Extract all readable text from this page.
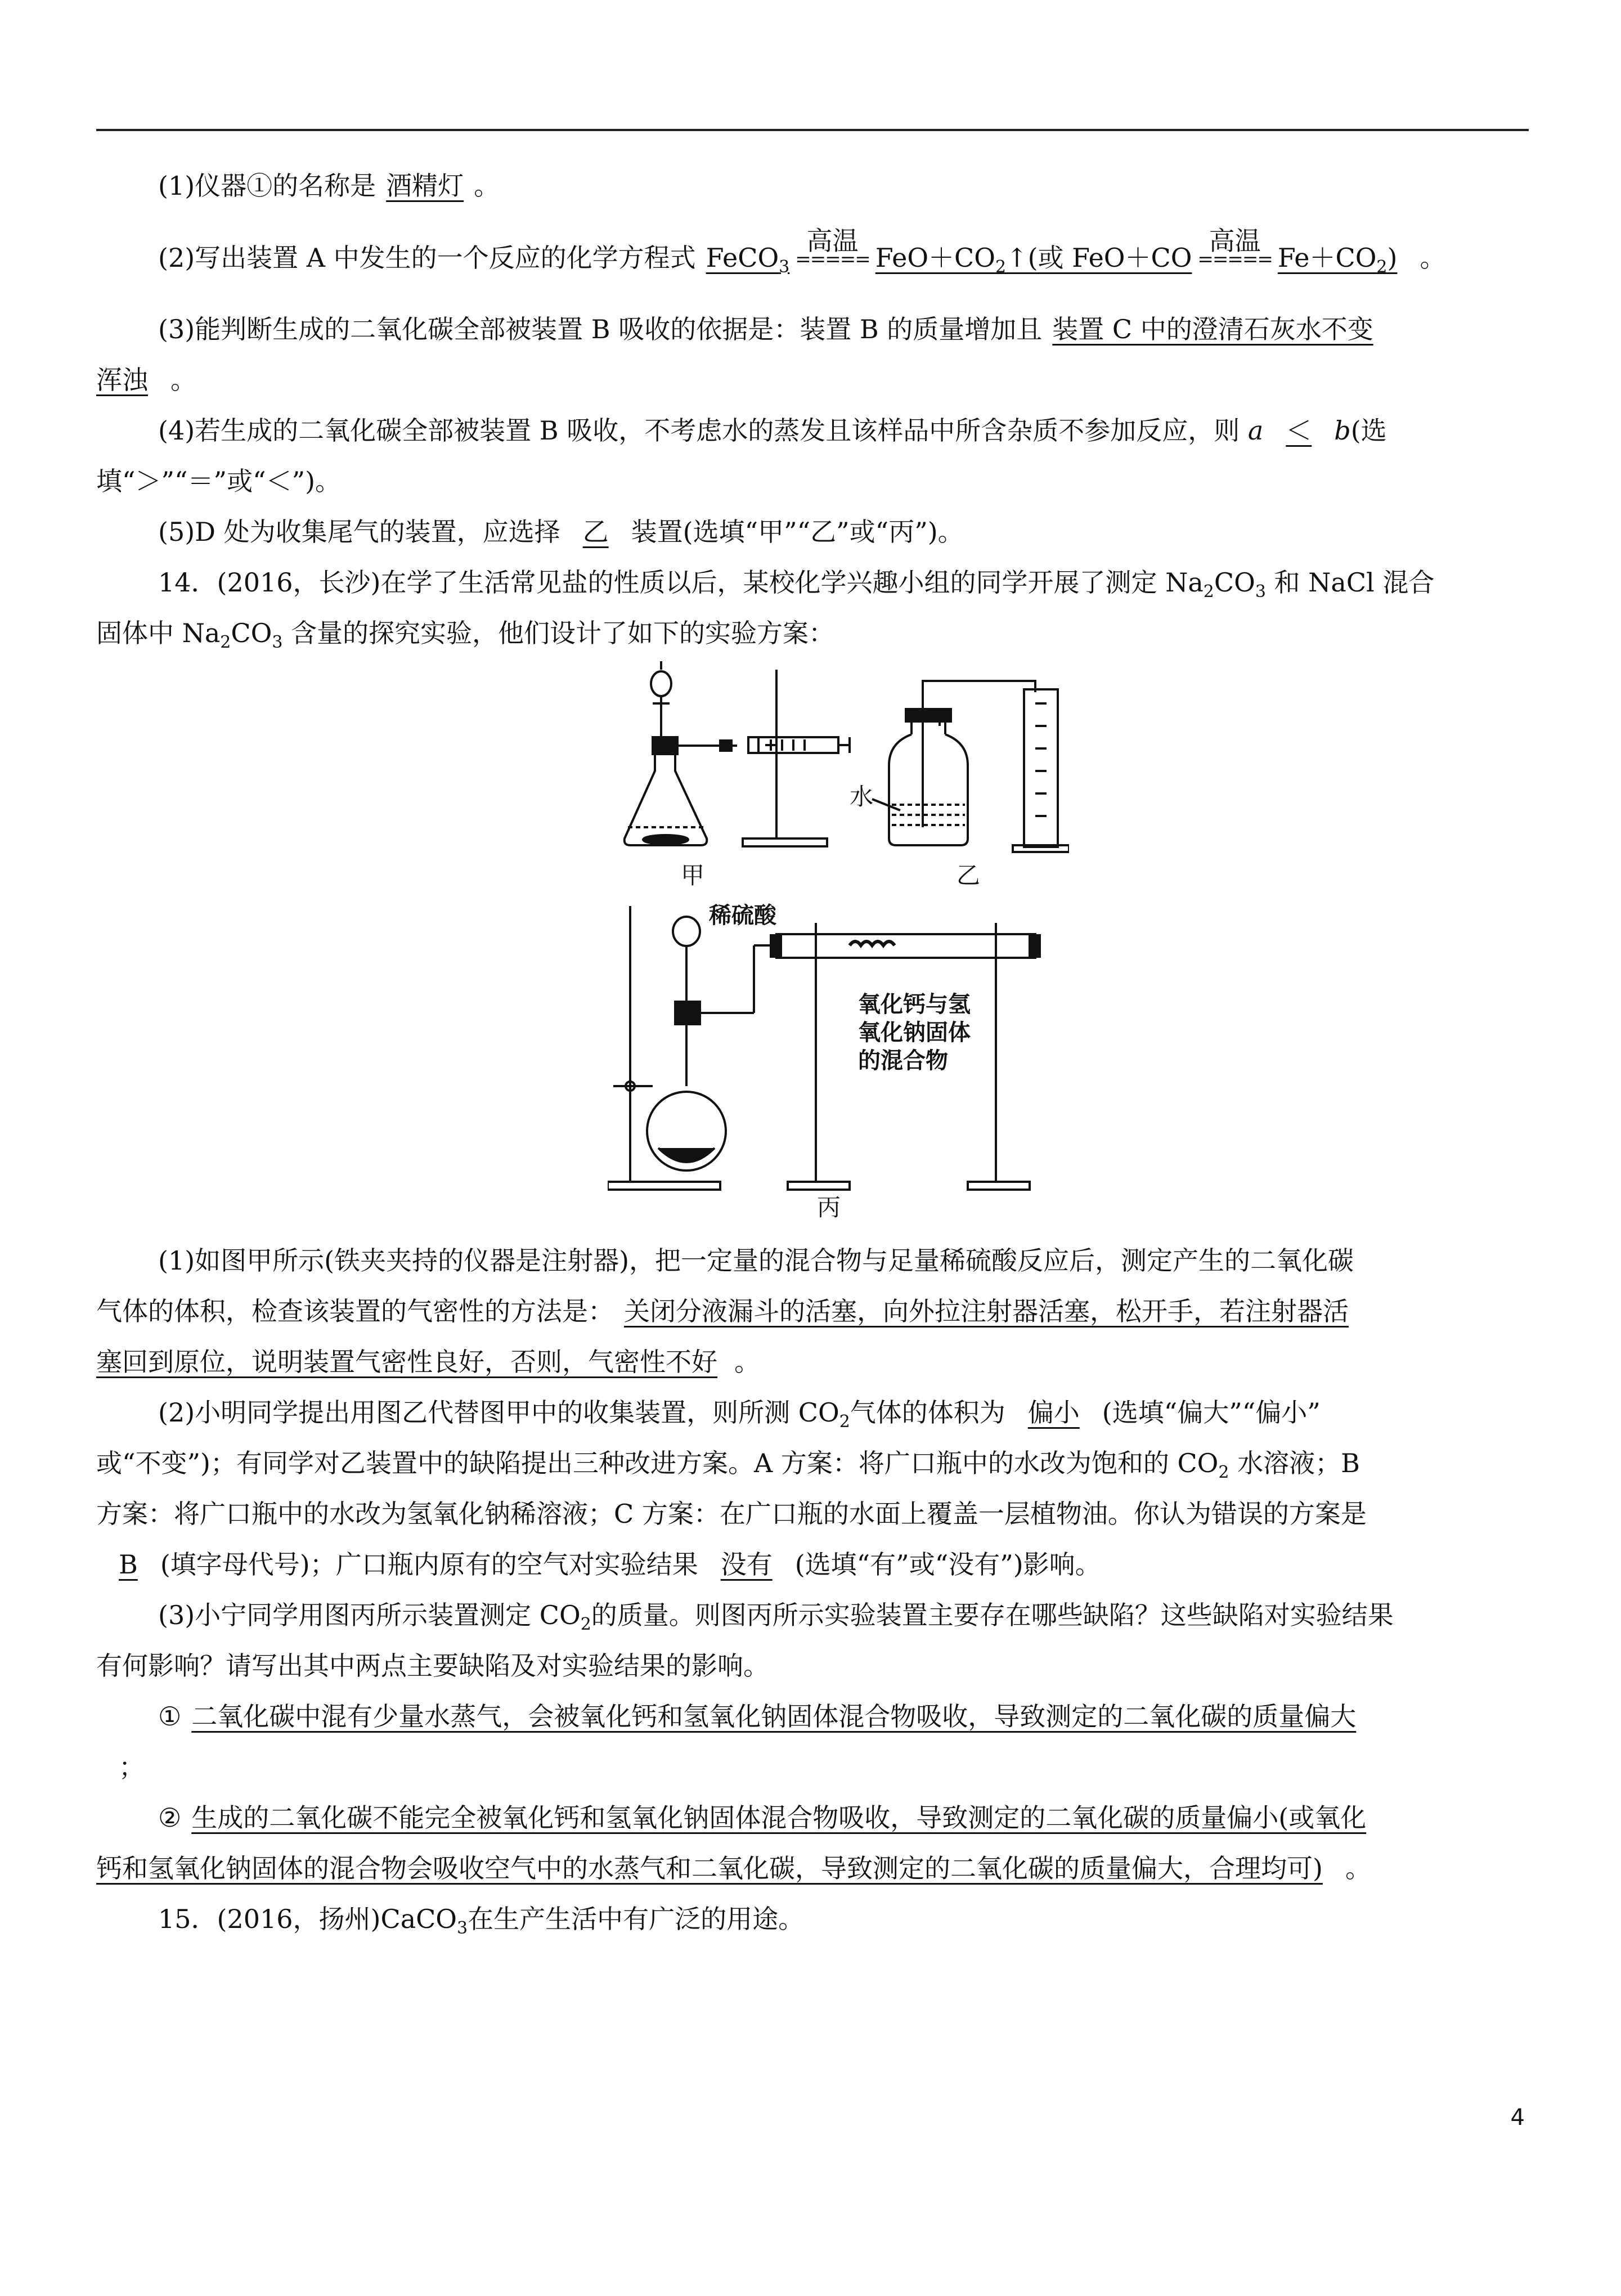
(1)仪器①的名称是 酒精灯 。
(2)写出装置 A 中发生的一个反应的化学方程式 FeCO$_3$
高温
===== $FeO+CO_2↑$(或 FeO＋CO
高温
===== $Fe+CO_2$) 。
(3)能判断生成的二氧化碳全部被装置 B 吸收的依据是：装置 B 的质量增加且 装置 C 中的澄清石灰水不变
浑浊 。
(4)若生成的二氧化碳全部被装置 B 吸收，不考虑水的蒸发且该样品中所含杂质不参加反应，则 a ＜ b(选
填“＞”“＝”或“＜”)。
(5)D 处为收集尾气的装置，应选择 乙 装置(选填“甲”“乙”或“丙”)。
14．(2016，长沙)在学了生活常见盐的性质以后，某校化学兴趣小组的同学开展了测定 $Na_2CO_3$ 和 NaCl 混合
固体中 $Na_2CO_3$ 含量的探究实验，他们设计了如下的实验方案：
甲	乙
水
稀硫酸
氧化钙与氢
氧化钠固体
的混合物
丙
(1)如图甲所示(铁夹夹持的仪器是注射器)，把一定量的混合物与足量稀硫酸反应后，测定产生的二氧化碳
气体的体积，检查该装置的气密性的方法是： 关闭分液漏斗的活塞，向外拉注射器活塞，松开手，若注射器活
塞回到原位，说明装置气密性良好，否则，气密性不好 。
(2)小明同学提出用图乙代替图甲中的收集装置，则所测 $CO_2$气体的体积为 偏小 (选填“偏大”“偏小”
或“不变”)；有同学对乙装置中的缺陷提出三种改进方案。A 方案：将广口瓶中的水改为饱和的 $CO_2$ 水溶液；B
方案：将广口瓶中的水改为氢氧化钠稀溶液；C 方案：在广口瓶的水面上覆盖一层植物油。你认为错误的方案是
B (填字母代号)；广口瓶内原有的空气对实验结果 没有 (选填“有”或“没有”)影响。
(3)小宁同学用图丙所示装置测定 $CO_2$的质量。则图丙所示实验装置主要存在哪些缺陷？这些缺陷对实验结果
有何影响？请写出其中两点主要缺陷及对实验结果的影响。
① 二氧化碳中混有少量水蒸气，会被氧化钙和氢氧化钠固体混合物吸收，导致测定的二氧化碳的质量偏大
；
② 生成的二氧化碳不能完全被氧化钙和氢氧化钠固体混合物吸收，导致测定的二氧化碳的质量偏小(或氧化
钙和氢氧化钠固体的混合物会吸收空气中的水蒸气和二氧化碳，导致测定的二氧化碳的质量偏大，合理均可) 。
15．(2016，扬州)CaCO$_3$在生产生活中有广泛的用途。
4
